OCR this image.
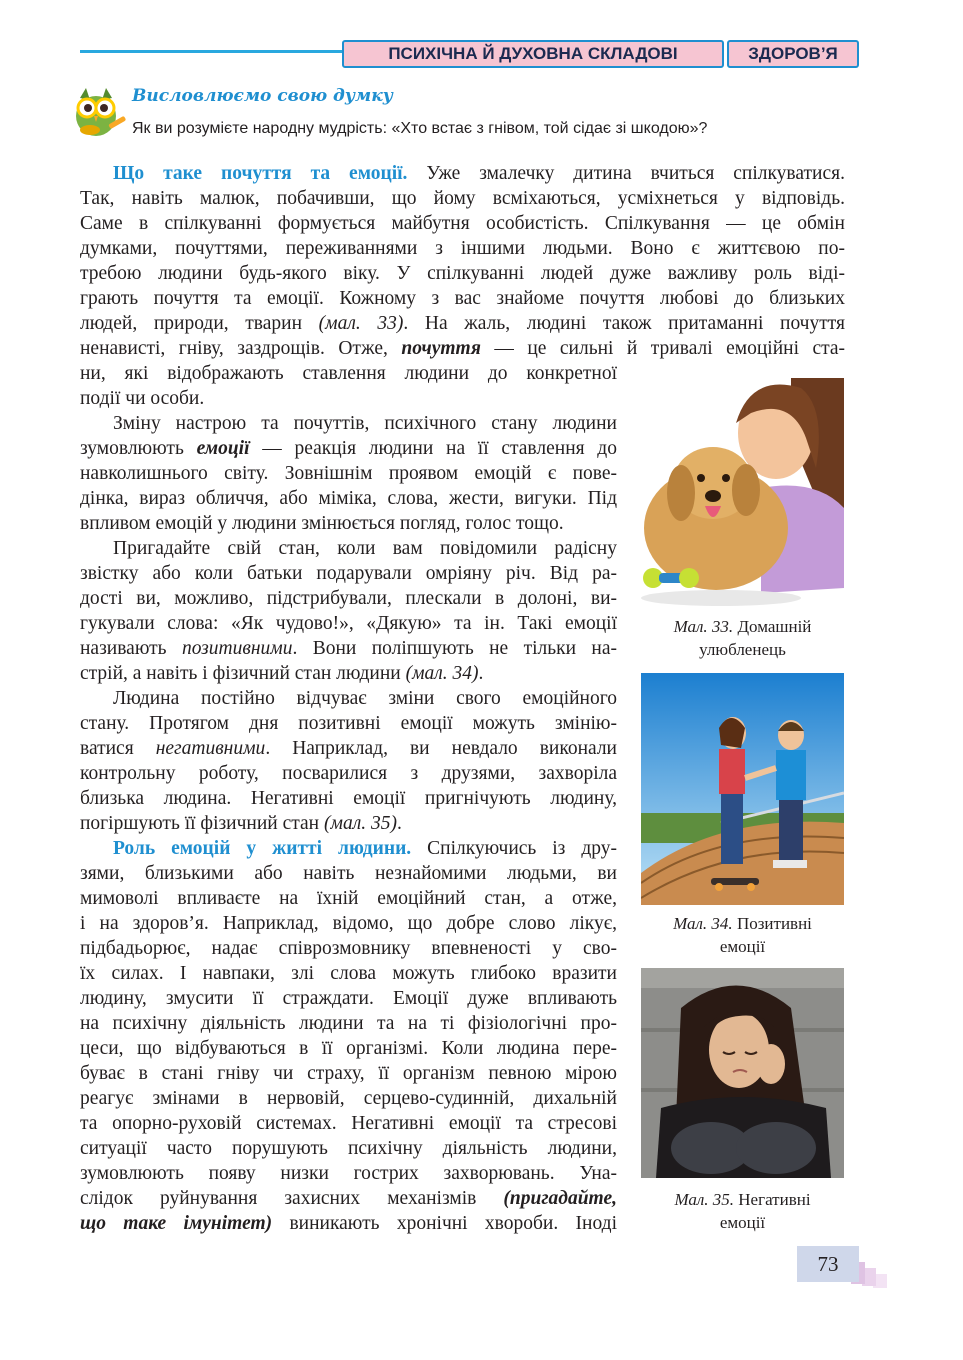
ПСИХІЧНА Й ДУХОВНА СКЛАДОВІ	ЗДОРОВ’Я
Висловлюємо свою думку
Як ви розумієте народну мудрість: «Хто встає з гнівом, той сідає зі шкодою»?
Що таке почуття та емоції. Уже змалечку дитина вчиться спілкуватися.
Так, навіть малюк, побачивши, що йому всміхаються, усміхнеться у відповідь.
Саме в спілкуванні формується майбутня особистість. Спілкування — це обмін
думками, почуттями, переживаннями з іншими людьми. Воно є життєвою по-
требою людини будь-якого віку. У спілкуванні людей дуже важливу роль віді-
грають почуття та емоції. Кожному з вас знайоме почуття любові до близьких
людей, природи, тварин (мал. 33). На жаль, людині також притаманні почуття
ненависті, гніву, заздрощів. Отже, почуття — це сильні й тривалі емоційні ста-
ни, які відображають ставлення людини до конкретної
події чи особи.
Зміну настрою та почуттів, психічного стану людини
зумовлюють емоції — реакція людини на її ставлення до
навколишнього світу. Зовнішнім проявом емоцій є пове-
дінка, вираз обличчя, або міміка, слова, жести, вигуки. Під
впливом емоцій у людини змінюється погляд, голос тощо.
Пригадайте свій стан, коли вам повідомили радісну
звістку або коли батьки подарували омріяну річ. Від ра-
дості ви, можливо, підстрибували, плескали в долоні, ви-
гукували слова: «Як чудово!», «Дякую» та ін. Такі емоції
називають позитивними. Вони поліпшують не тільки на-
стрій, а навіть і фізичний стан людини (мал. 34).
Людина постійно відчуває зміни свого емоційного
стану. Протягом дня позитивні емоції можуть змінію-
ватися негативними. Наприклад, ви невдало виконали
контрольну роботу, посварилися з друзями, захворіла
близька людина. Негативні емоції пригнічують людину,
погіршують її фізичний стан (мал. 35).
Роль емоцій у житті людини. Спілкуючись із дру-
зями, близькими або навіть незнайомими людьми, ви
мимоволі впливаєте на їхній емоційний стан, а отже,
і на здоров’я. Наприклад, відомо, що добре слово лікує,
підбадьорює, надає співрозмовнику впевненості у сво-
їх силах. І навпаки, злі слова можуть глибоко вразити
людину, змусити її страждати. Емоції дуже впливають
на психічну діяльність людини та на ті фізіологічні про-
цеси, що відбуваються в її організмі. Коли людина пере-
буває в стані гніву чи страху, її організм певною мірою
реагує змінами в нервовій, серцево-судинній, дихальній
та опорно-руховій системах. Негативні емоції та стресові
ситуації часто порушують психічну діяльність людини,
зумовлюють появу низки гострих захворювань. Уна-
слідок руйнування захисних механізмів (пригадайте,
що таке імунітет) виникають хронічні хвороби. Іноді
Мал. 33. Домашній
улюбленець
Мал. 34. Позитивні
емоції
Мал. 35. Негативні
емоції
73
